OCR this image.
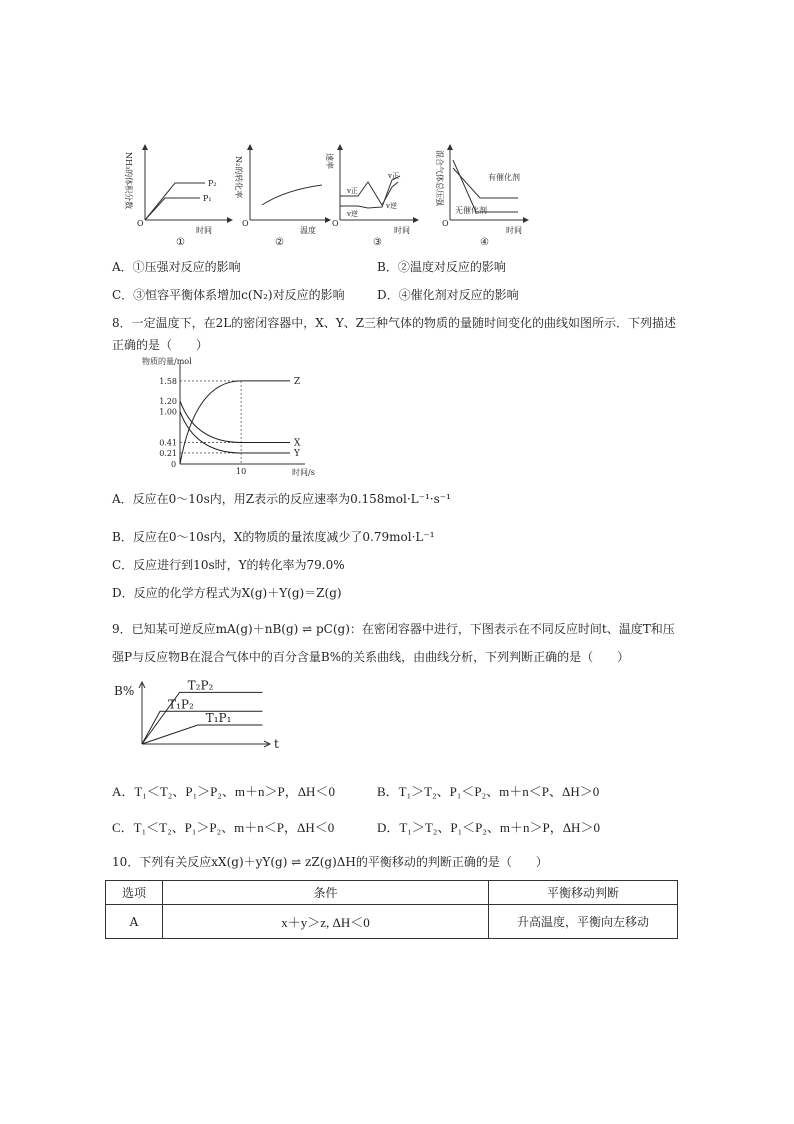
NH₃的体积分数	P₂
P₁
O
时间
①
N₂的转化率
O
温度
②
速率
v正
v逆
v逆
v正
O
时间
③
混合气体总压强	有催化剂
无催化剂
O
时间
④
A．①压强对反应的影响	B．②温度对反应的影响
C．③恒容平衡体系增加c(N₂)对反应的影响	D．④催化剂对反应的影响
8．一定温度下，在2L的密闭容器中，X、Y、Z三种气体的物质的量随时间变化的曲线如图所示．下列描述
正确的是（　　）
物质的量/mol
时间/s
0
1.58
1.20
1.00
0.41
0.21
10
Z
X
Y
A．反应在0～10s内，用Z表示的反应速率为0.158mol·L⁻¹·s⁻¹
B．反应在0～10s内，X的物质的量浓度减少了0.79mol·L⁻¹
C．反应进行到10s时，Y的转化率为79.0%
D．反应的化学方程式为X(g)＋Y(g)＝Z(g)
9．已知某可逆反应mA(g)＋nB(g) ⇌ pC(g)：在密闭容器中进行，下图表示在不同反应时间t、温度T和压
强P与反应物B在混合气体中的百分含量B%的关系曲线，由曲线分析，下列判断正确的是（　　）
B%
t
T₂P₂
T₁P₂
T₁P₁
A．T₁＜T₂、P₁＞P₂、m＋n＞P，ΔH＜0	B．T₁＞T₂、P₁＜P₂、m＋n＜P、ΔH＞0
C．T₁＜T₂、P₁＞P₂、m＋n＜P，ΔH＜0	D．T₁＞T₂、P₁＜P₂、m＋n＞P，ΔH＞0
10．下列有关反应xX(g)＋yY(g) ⇌ zZ(g)ΔH的平衡移动的判断正确的是（　　）
选项	条件	平衡移动判断
A	x＋y＞z, ΔH＜0	升高温度，平衡向左移动
